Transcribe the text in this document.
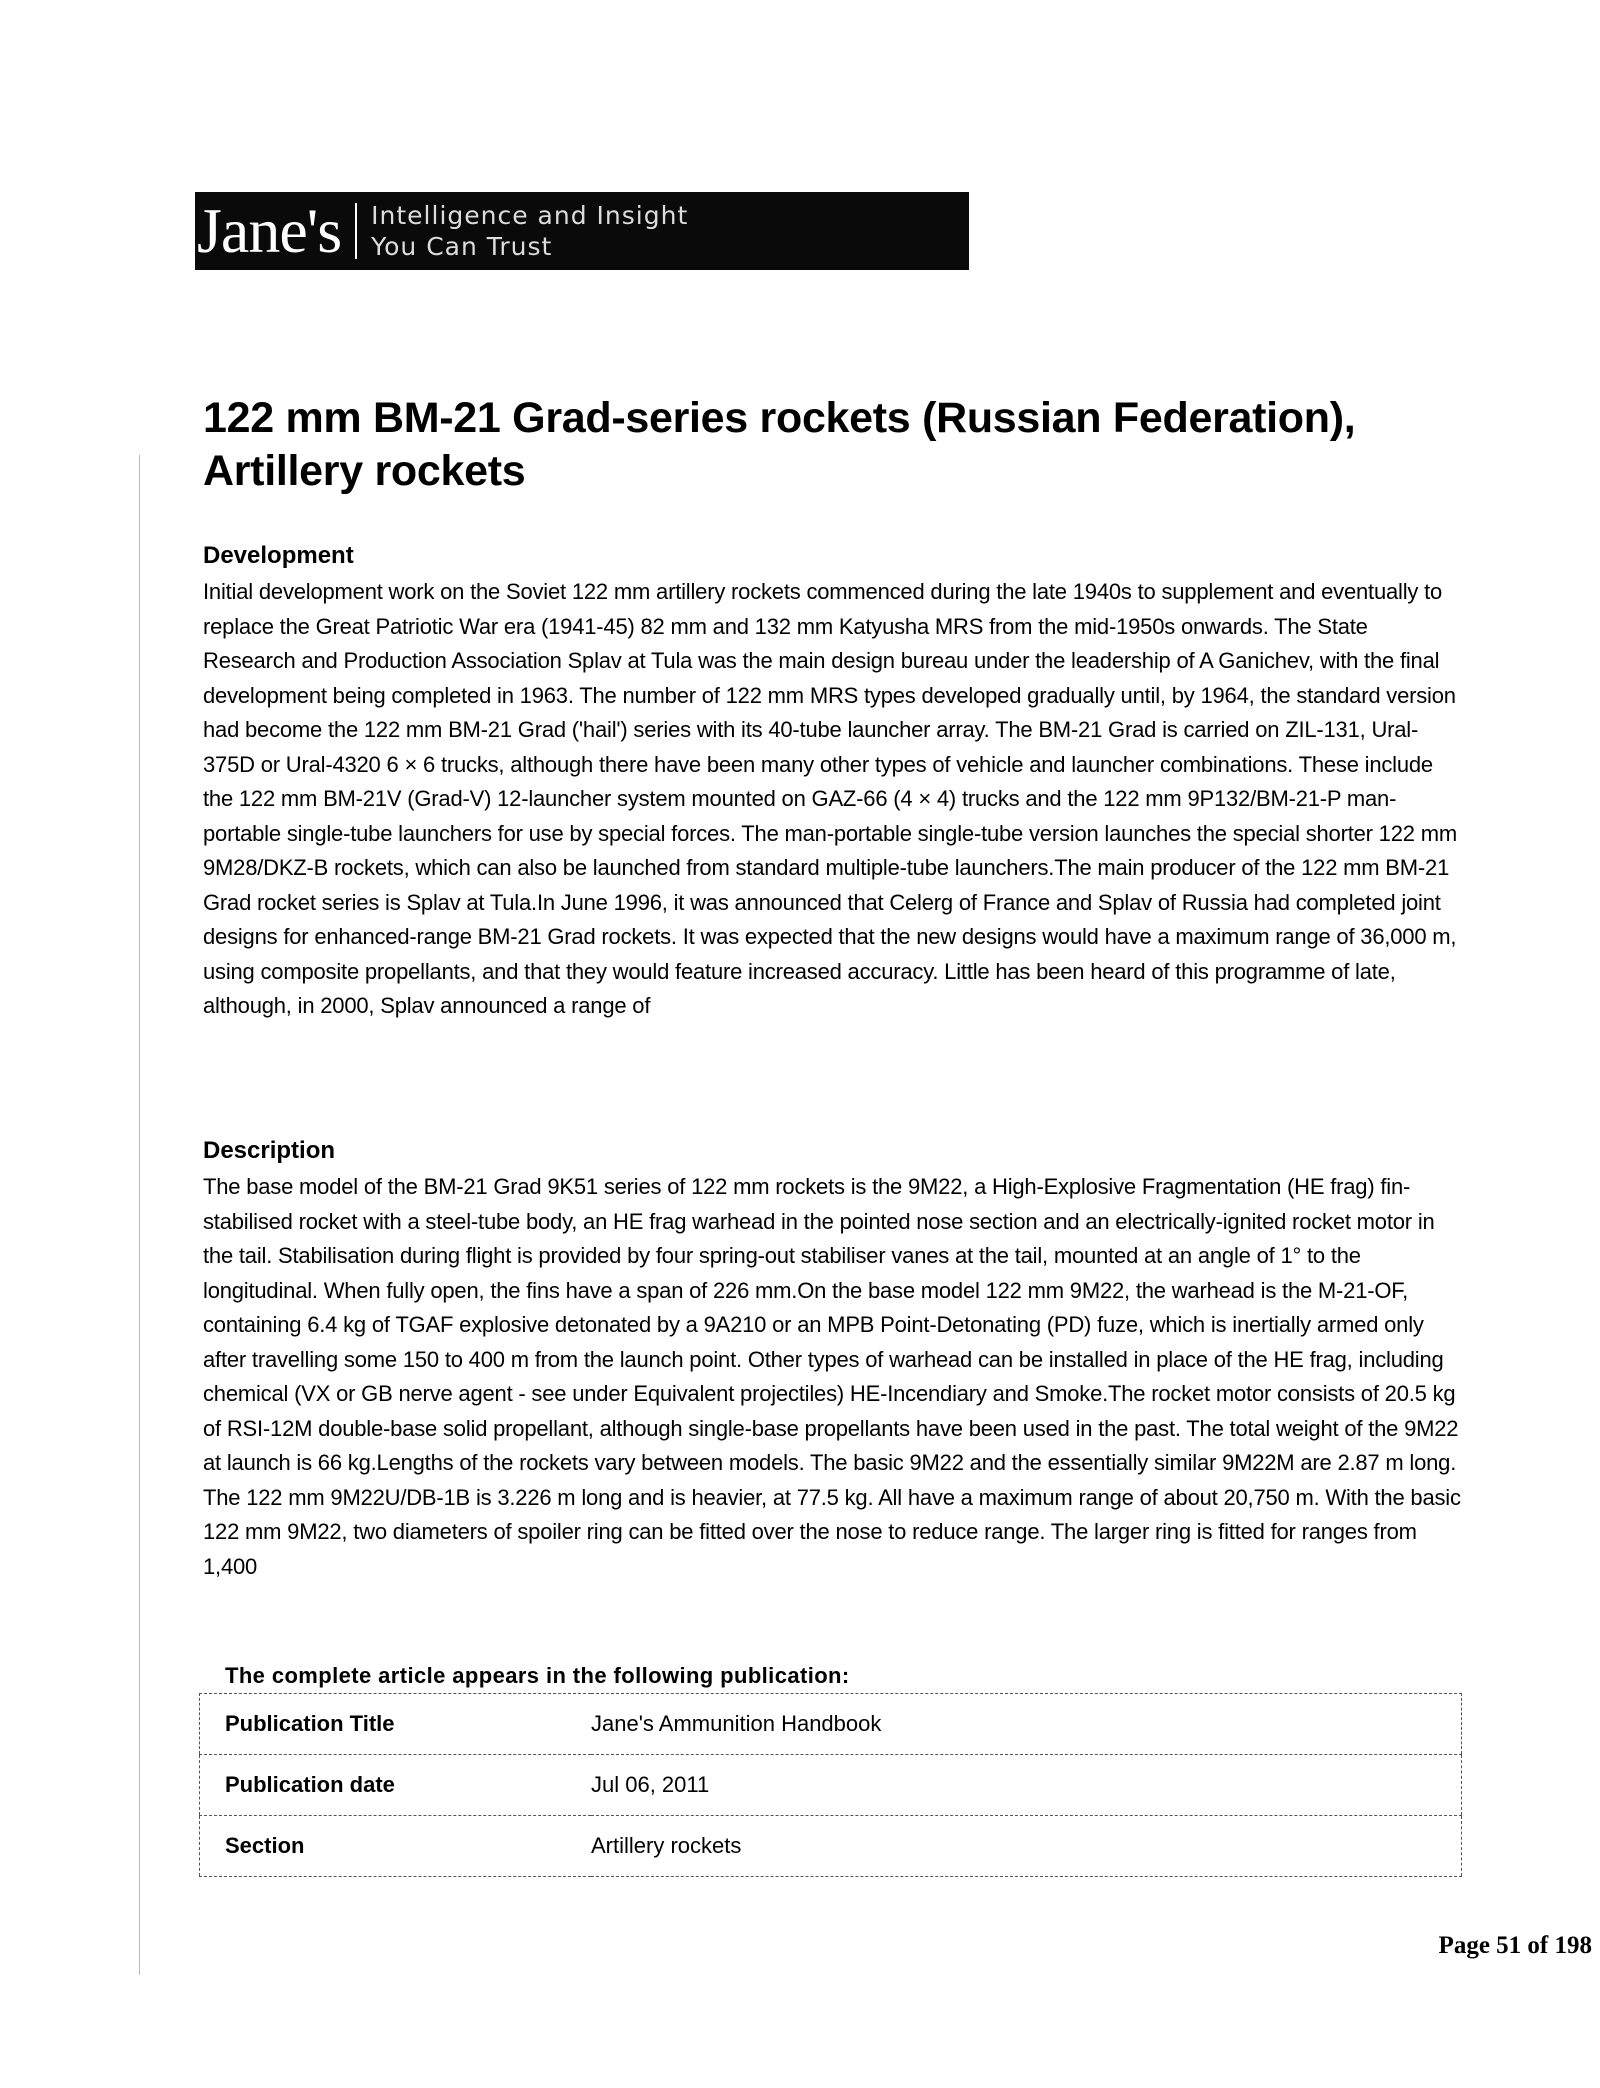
Jane's Intelligence and Insight
You Can Trust
122 mm BM-21 Grad-series rockets (Russian Federation), Artillery rockets
Development

Initial development work on the Soviet 122 mm artillery rockets commenced during the late 1940s to supplement and eventually to replace the Great Patriotic War era (1941-45) 82 mm and 132 mm Katyusha MRS from the mid-1950s onwards. The State Research and Production Association Splav at Tula was the main design bureau under the leadership of A Ganichev, with the final development being completed in 1963. The number of 122 mm MRS types developed gradually until, by 1964, the standard version had become the 122 mm BM-21 Grad ('hail') series with its 40-tube launcher array. The BM-21 Grad is carried on ZIL-131, Ural-375D or Ural-4320 6 × 6 trucks, although there have been many other types of vehicle and launcher combinations. These include the 122 mm BM-21V (Grad-V) 12-launcher system mounted on GAZ-66 (4 × 4) trucks and the 122 mm 9P132/BM-21-P man-portable single-tube launchers for use by special forces. The man-portable single-tube version launches the special shorter 122 mm 9M28/DKZ-B rockets, which can also be launched from standard multiple-tube launchers.The main producer of the 122 mm BM-21 Grad rocket series is Splav at Tula.In June 1996, it was announced that Celerg of France and Splav of Russia had completed joint designs for enhanced-range BM-21 Grad rockets. It was expected that the new designs would have a maximum range of 36,000 m, using composite propellants, and that they would feature increased accuracy. Little has been heard of this programme of late, although, in 2000, Splav announced a range of

Description

The base model of the BM-21 Grad 9K51 series of 122 mm rockets is the 9M22, a High-Explosive Fragmentation (HE frag) fin-stabilised rocket with a steel-tube body, an HE frag warhead in the pointed nose section and an electrically-ignited rocket motor in the tail. Stabilisation during flight is provided by four spring-out stabiliser vanes at the tail, mounted at an angle of 1° to the longitudinal. When fully open, the fins have a span of 226 mm.On the base model 122 mm 9M22, the warhead is the M-21-OF, containing 6.4 kg of TGAF explosive detonated by a 9A210 or an MPB Point-Detonating (PD) fuze, which is inertially armed only after travelling some 150 to 400 m from the launch point. Other types of warhead can be installed in place of the HE frag, including chemical (VX or GB nerve agent - see under Equivalent projectiles) HE-Incendiary and Smoke.The rocket motor consists of 20.5 kg of RSI-12M double-base solid propellant, although single-base propellants have been used in the past. The total weight of the 9M22 at launch is 66 kg.Lengths of the rockets vary between models. The basic 9M22 and the essentially similar 9M22M are 2.87 m long. The 122 mm 9M22U/DB-1B is 3.226 m long and is heavier, at 77.5 kg. All have a maximum range of about 20,750 m. With the basic 122 mm 9M22, two diameters of spoiler ring can be fitted over the nose to reduce range. The larger ring is fitted for ranges from 1,400

The complete article appears in the following publication:

Publication Title	Jane's Ammunition Handbook
Publication date	Jul 06, 2011
Section	Artillery rockets

Page 51 of 198
